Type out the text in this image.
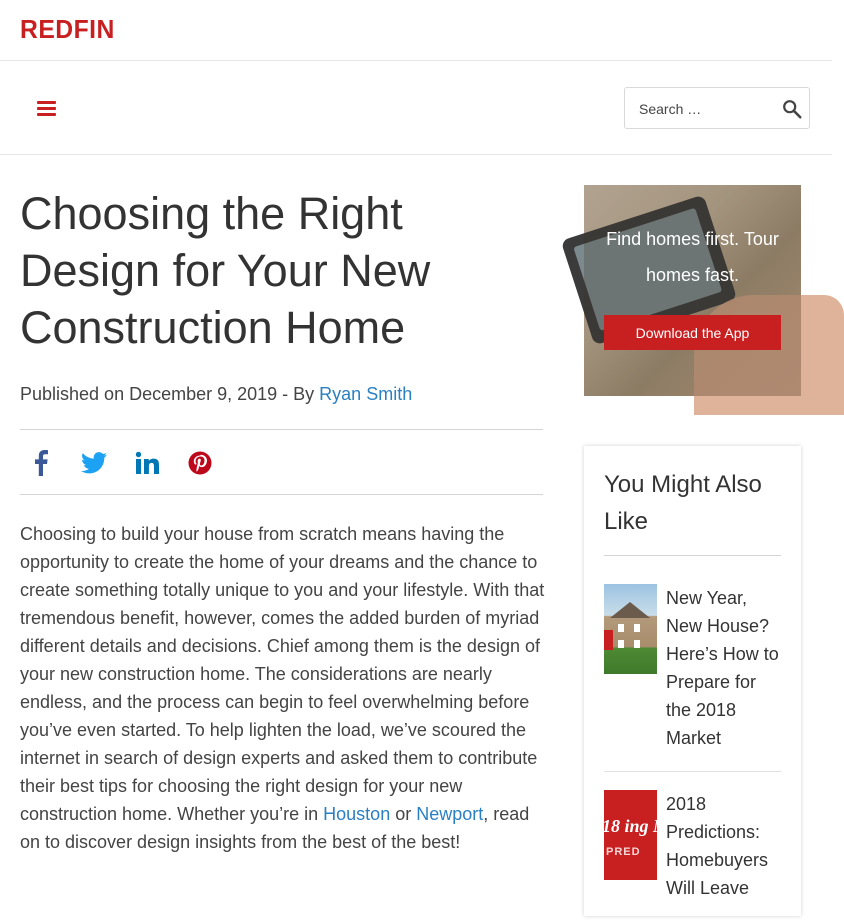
REDFIN
Search …
Choosing the Right Design for Your New Construction Home
Published on December 9, 2019 - By Ryan Smith

Choosing to build your house from scratch means having the opportunity to create the home of your dreams and the chance to create something totally unique to you and your lifestyle. With that tremendous benefit, however, comes the added burden of myriad different details and decisions. Chief among them is the design of your new construction home. The considerations are nearly endless, and the process can begin to feel overwhelming before you’ve even started. To help lighten the load, we’ve scoured the internet in search of design experts and asked them to contribute their best tips for choosing the right design for your new construction home. Whether you’re in Houston or Newport, read on to discover design insights from the best of the best!

Find homes first. Tour homes fast.
Download the App
You Might Also Like
New Year, New House? Here’s How to Prepare for the 2018 Market
18 ing Mar
PRED
2018 Predictions: Homebuyers Will Leave
